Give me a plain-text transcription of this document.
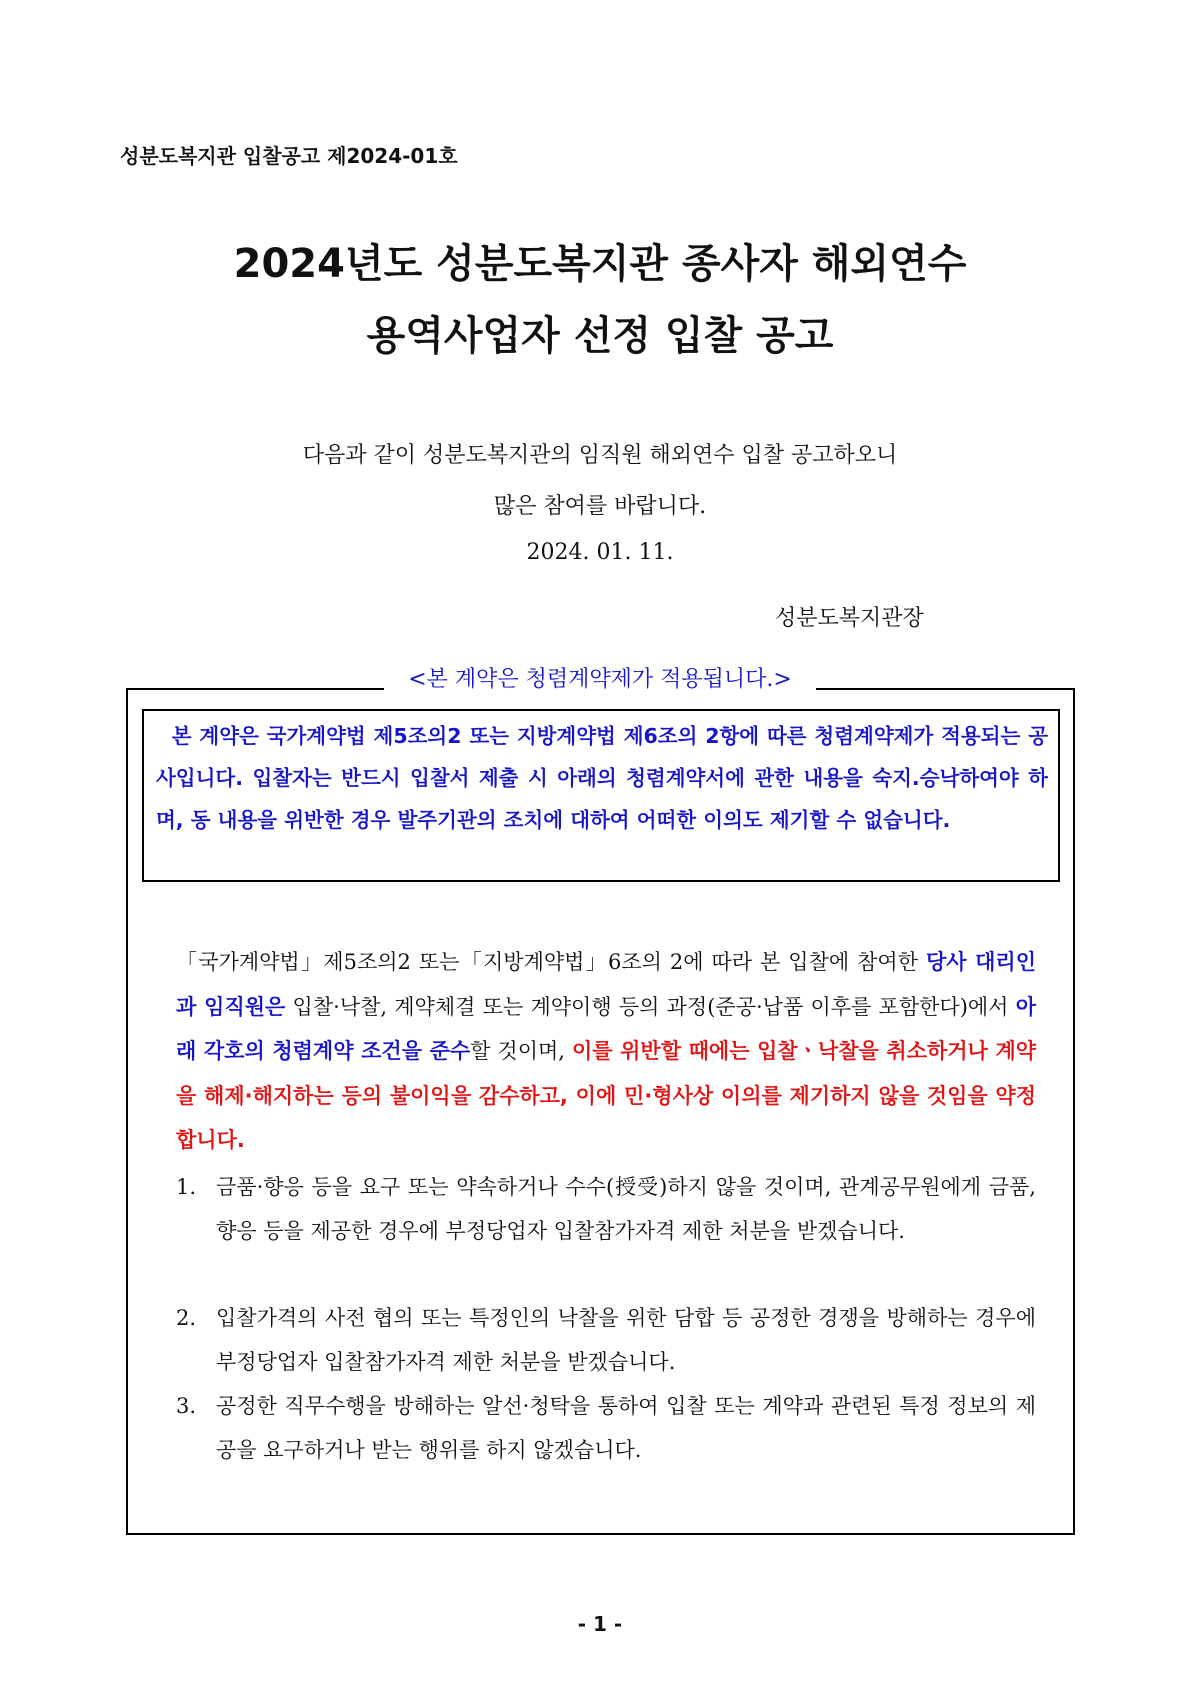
성분도복지관 입찰공고 제2024-01호
2024년도 성분도복지관 종사자 해외연수
용역사업자 선정 입찰 공고
다음과 같이 성분도복지관의 임직원 해외연수 입찰 공고하오니
많은 참여를 바랍니다.
2024. 01. 11.
성분도복지관장
<본 계약은 청렴계약제가 적용됩니다.>

본 계약은 국가계약법 제5조의2 또는 지방계약법 제6조의 2항에 따른 청렴계약제가 적용되는 공사입니다. 입찰자는 반드시 입찰서 제출 시 아래의 청렴계약서에 관한 내용을 숙지.승낙하여야 하며, 동 내용을 위반한 경우 발주기관의 조치에 대하여 어떠한 이의도 제기할 수 없습니다.

「국가계약법」제5조의2 또는「지방계약법」6조의 2에 따라 본 입찰에 참여한 당사 대리인과 임직원은 입찰·낙찰, 계약체결 또는 계약이행 등의 과정(준공·납품 이후를 포함한다)에서 아래 각호의 청렴계약 조건을 준수할 것이며, 이를 위반할 때에는 입찰ㆍ낙찰을 취소하거나 계약을 해제·해지하는 등의 불이익을 감수하고, 이에 민·형사상 이의를 제기하지 않을 것임을 약정합니다.

1. 금품·향응 등을 요구 또는 약속하거나 수수(授受)하지 않을 것이며, 관계공무원에게 금품, 향응 등을 제공한 경우에 부정당업자 입찰참가자격 제한 처분을 받겠습니다.
2. 입찰가격의 사전 협의 또는 특정인의 낙찰을 위한 담합 등 공정한 경쟁을 방해하는 경우에 부정당업자 입찰참가자격 제한 처분을 받겠습니다.
3. 공정한 직무수행을 방해하는 알선·청탁을 통하여 입찰 또는 계약과 관련된 특정 정보의 제공을 요구하거나 받는 행위를 하지 않겠습니다.
- 1 -
